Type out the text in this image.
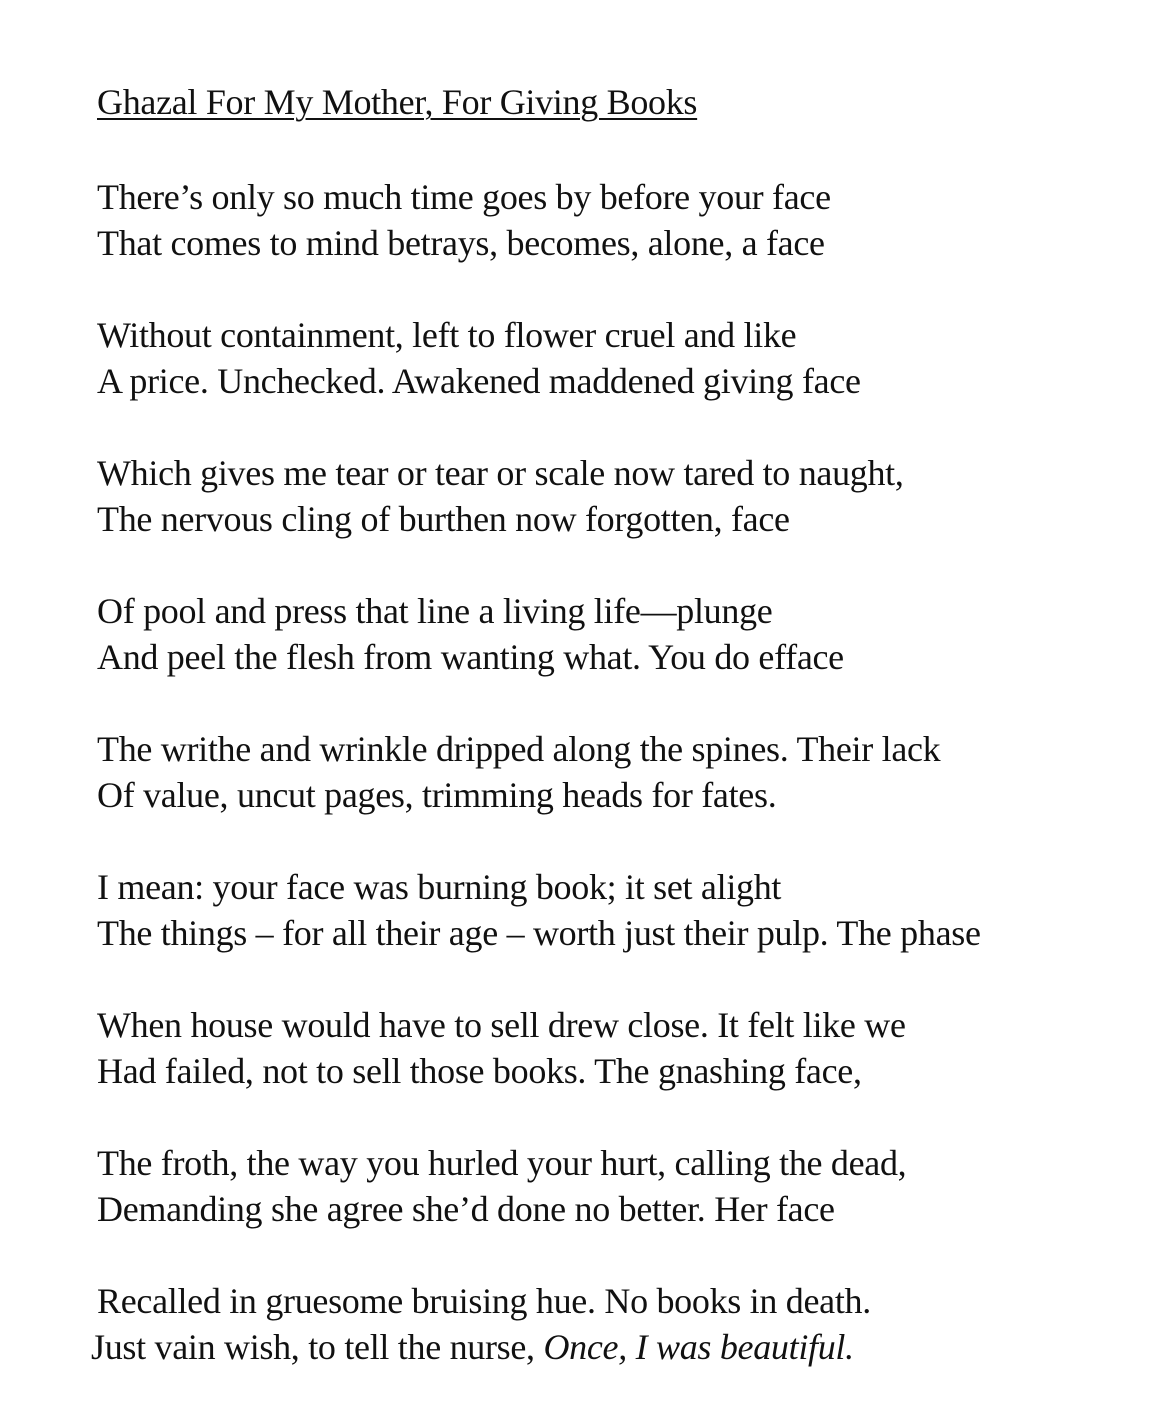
Ghazal For My Mother, For Giving Books
There’s only so much time goes by before your face
That comes to mind betrays, becomes, alone, a face
Without containment, left to flower cruel and like
A price. Unchecked. Awakened maddened giving face
Which gives me tear or tear or scale now tared to naught,
The nervous cling of burthen now forgotten, face
Of pool and press that line a living life—plunge
And peel the flesh from wanting what. You do efface
The writhe and wrinkle dripped along the spines. Their lack
Of value, uncut pages, trimming heads for fates.
I mean: your face was burning book; it set alight
The things – for all their age – worth just their pulp. The phase
When house would have to sell drew close. It felt like we
Had failed, not to sell those books. The gnashing face,
The froth, the way you hurled your hurt, calling the dead,
Demanding she agree she’d done no better. Her face
Recalled in gruesome bruising hue. No books in death.
Just vain wish, to tell the nurse, Once, I was beautiful.
